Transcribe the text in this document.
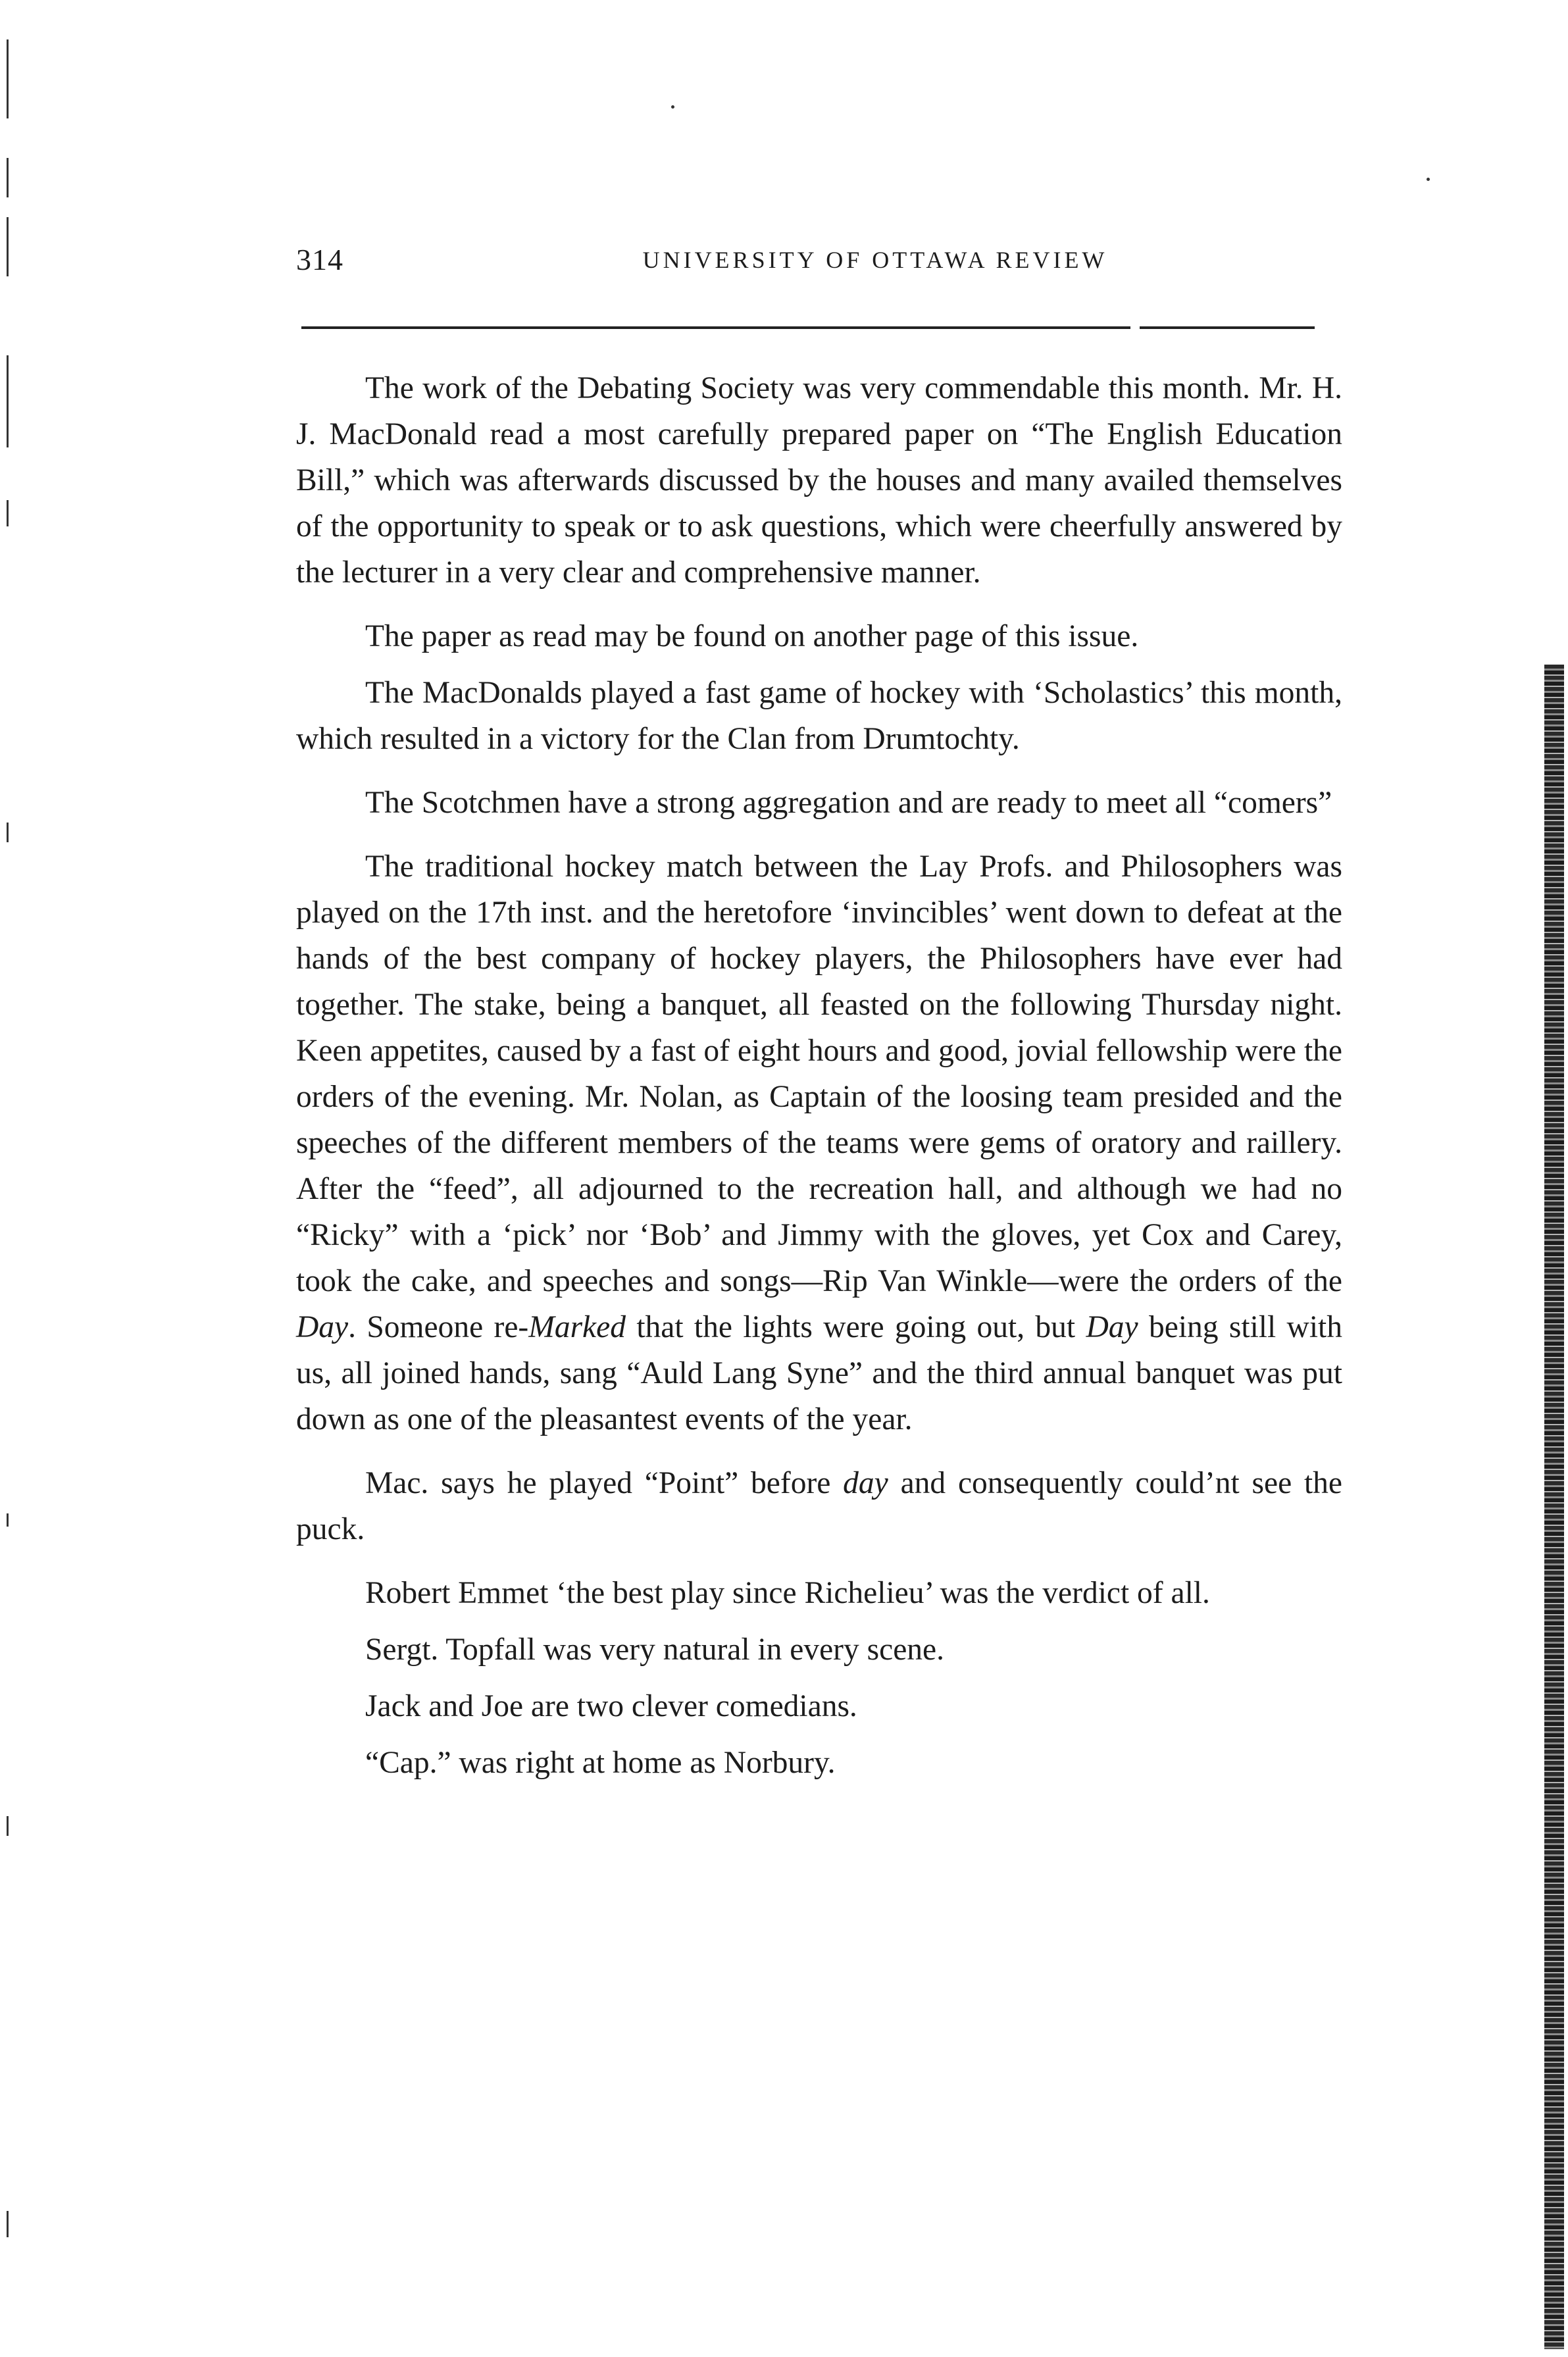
314	UNIVERSITY OF OTTAWA REVIEW

The work of the Debating Society was very commendable this month. Mr. H. J. MacDonald read a most carefully prepared paper on “The English Education Bill,” which was afterwards discussed by the houses and many availed themselves of the opportunity to speak or to ask questions, which were cheerfully answered by the lecturer in a very clear and comprehensive manner.

The paper as read may be found on another page of this issue.

The MacDonalds played a fast game of hockey with ‘Scholastics’ this month, which resulted in a victory for the Clan from Drumtochty.

The Scotchmen have a strong aggregation and are ready to meet all “comers”

The traditional hockey match between the Lay Profs. and Philosophers was played on the 17th inst. and the heretofore ‘invincibles’ went down to defeat at the hands of the best company of hockey players, the Philosophers have ever had together. The stake, being a banquet, all feasted on the following Thursday night. Keen appetites, caused by a fast of eight hours and good, jovial fellowship were the orders of the evening. Mr. Nolan, as Captain of the loosing team presided and the speeches of the different members of the teams were gems of oratory and raillery. After the “feed”, all adjourned to the recreation hall, and although we had no “Ricky” with a ‘pick’ nor ‘Bob’ and Jimmy with the gloves, yet Cox and Carey, took the cake, and speeches and songs—Rip Van Winkle—were the orders of the Day. Someone re-Marked that the lights were going out, but Day being still with us, all joined hands, sang “Auld Lang Syne” and the third annual banquet was put down as one of the pleasantest events of the year.

Mac. says he played “Point” before day and consequently could’nt see the puck.

Robert Emmet ‘the best play since Richelieu’ was the verdict of all.

Sergt. Topfall was very natural in every scene.

Jack and Joe are two clever comedians.

“Cap.” was right at home as Norbury.
